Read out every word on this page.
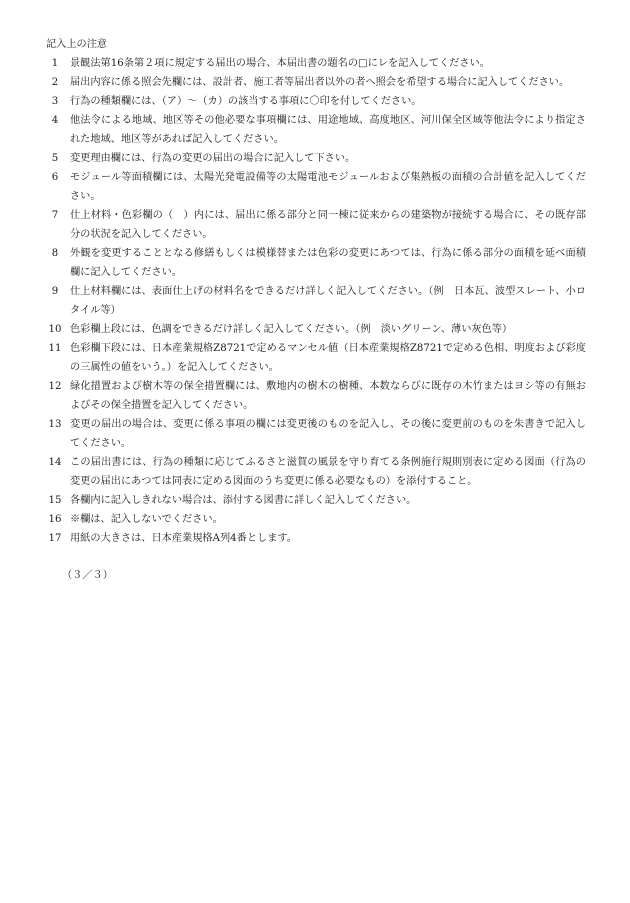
記入上の注意
1	景観法第16条第２項に規定する届出の場合、本届出書の題名の□にレを記入してください。
2	届出内容に係る照会先欄には、設計者、施工者等届出者以外の者へ照会を希望する場合に記入してください。
3	行為の種類欄には、（ア）〜（カ）の該当する事項に〇印を付してください。
4	他法令による地域、地区等その他必要な事項欄には、用途地域、高度地区、河川保全区域等他法令により指定された地域、地区等があれば記入してください。
5	変更理由欄には、行為の変更の届出の場合に記入して下さい。
6	モジュール等面積欄には、太陽光発電設備等の太陽電池モジュールおよび集熱板の面積の合計値を記入してください。
7	仕上材料・色彩欄の（　）内には、届出に係る部分と同一棟に従来からの建築物が接続する場合に、その既存部分の状況を記入してください。
8	外観を変更することとなる修繕もしくは模様替または色彩の変更にあつては、行為に係る部分の面積を延べ面積欄に記入してください。
9	仕上材料欄には、表面仕上げの材料名をできるだけ詳しく記入してください。（例　日本瓦、波型スレート、小ロタイル等）
10 色彩欄上段には、色調をできるだけ詳しく記入してください。（例　淡いグリーン、薄い灰色等）
11 色彩欄下段には、日本産業規格Z8721で定めるマンセル値（日本産業規格Z8721で定める色相、明度および彩度の三属性の値をいう。）を記入してください。
12 緑化措置および樹木等の保全措置欄には、敷地内の樹木の樹種、本数ならびに既存の木竹またはヨシ等の有無およびその保全措置を記入してください。
13 変更の届出の場合は、変更に係る事項の欄には変更後のものを記入し、その後に変更前のものを朱書きで記入してください。
14 この届出書には、行為の種類に応じてふるさと滋賀の風景を守り育てる条例施行規則別表に定める図面（行為の変更の届出にあつては同表に定める図面のうち変更に係る必要なもの）を添付すること。
15 各欄内に記入しきれない場合は、添付する図書に詳しく記入してください。
16 ※欄は、記入しないでください。
17 用紙の大きさは、日本産業規格A列4番とします。
（３／３）
